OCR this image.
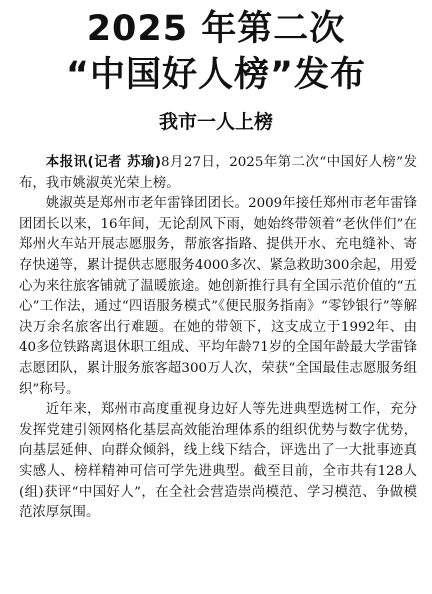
2025 年第二次
“中国好人榜”发布
我市一人上榜

本报讯(记者 苏瑜)8月27日，2025年第二次“中国好人榜”发布，我市姚淑英光荣上榜。

姚淑英是郑州市老年雷锋团团长。2009年接任郑州市老年雷锋团团长以来，16年间，无论刮风下雨，她始终带领着“老伙伴们”在郑州火车站开展志愿服务，帮旅客指路、提供开水、充电缝补、寄存快递等，累计提供志愿服务4000多次、紧急救助300余起，用爱心为来往旅客铺就了温暖旅途。她创新推行具有全国示范价值的“五心”工作法，通过“四语服务模式”《便民服务指南》“零钞银行”等解决万余名旅客出行难题。在她的带领下，这支成立于1992年、由40多位铁路离退休职工组成、平均年龄71岁的全国年龄最大学雷锋志愿团队，累计服务旅客超300万人次，荣获“全国最佳志愿服务组织”称号。

近年来，郑州市高度重视身边好人等先进典型选树工作，充分发挥党建引领网格化基层高效能治理体系的组织优势与数字优势，向基层延伸、向群众倾斜，线上线下结合，评选出了一大批事迹真实感人、榜样精神可信可学先进典型。截至目前，全市共有128人(组)获评“中国好人”，在全社会营造崇尚模范、学习模范、争做模范浓厚氛围。
